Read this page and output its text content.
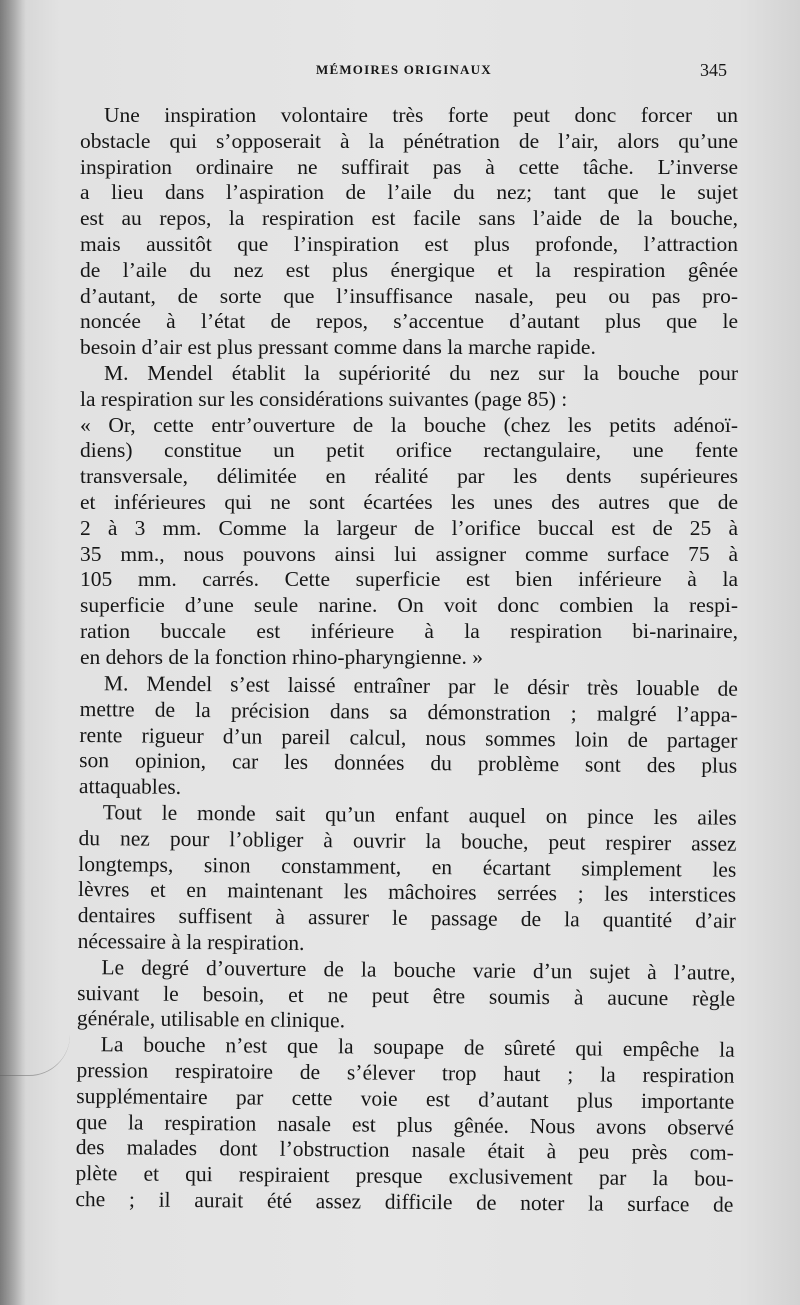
MÉMOIRES ORIGINAUX	345

Une inspiration volontaire très forte peut donc forcer un

obstacle qui s’opposerait à la pénétration de l’air, alors qu’une

inspiration ordinaire ne suffirait pas à cette tâche. L’inverse

a lieu dans l’aspiration de l’aile du nez; tant que le sujet

est au repos, la respiration est facile sans l’aide de la bouche,

mais aussitôt que l’inspiration est plus profonde, l’attraction

de l’aile du nez est plus énergique et la respiration gênée

d’autant, de sorte que l’insuffisance nasale, peu ou pas pro-

noncée à l’état de repos, s’accentue d’autant plus que le

besoin d’air est plus pressant comme dans la marche rapide.

M. Mendel établit la supériorité du nez sur la bouche pour

la respiration sur les considérations suivantes (page 85) :

« Or, cette entr’ouverture de la bouche (chez les petits adénoï-

diens) constitue un petit orifice rectangulaire, une fente

transversale, délimitée en réalité par les dents supérieures

et inférieures qui ne sont écartées les unes des autres que de

2 à 3 mm. Comme la largeur de l’orifice buccal est de 25 à

35 mm., nous pouvons ainsi lui assigner comme surface 75 à

105 mm. carrés. Cette superficie est bien inférieure à la

superficie d’une seule narine. On voit donc combien la respi-

ration buccale est inférieure à la respiration bi-narinaire,

en dehors de la fonction rhino-pharyngienne. »

M. Mendel s’est laissé entraîner par le désir très louable de

mettre de la précision dans sa démonstration ; malgré l’appa-

rente rigueur d’un pareil calcul, nous sommes loin de partager

son opinion, car les données du problème sont des plus

attaquables.

Tout le monde sait qu’un enfant auquel on pince les ailes

du nez pour l’obliger à ouvrir la bouche, peut respirer assez

longtemps, sinon constamment, en écartant simplement les

lèvres et en maintenant les mâchoires serrées ; les interstices

dentaires suffisent à assurer le passage de la quantité d’air

nécessaire à la respiration.

Le degré d’ouverture de la bouche varie d’un sujet à l’autre,

suivant le besoin, et ne peut être soumis à aucune règle

générale, utilisable en clinique.

La bouche n’est que la soupape de sûreté qui empêche la

pression respiratoire de s’élever trop haut ; la respiration

supplémentaire par cette voie est d’autant plus importante

que la respiration nasale est plus gênée. Nous avons observé

des malades dont l’obstruction nasale était à peu près com-

plète et qui respiraient presque exclusivement par la bou-

che ; il aurait été assez difficile de noter la surface de
